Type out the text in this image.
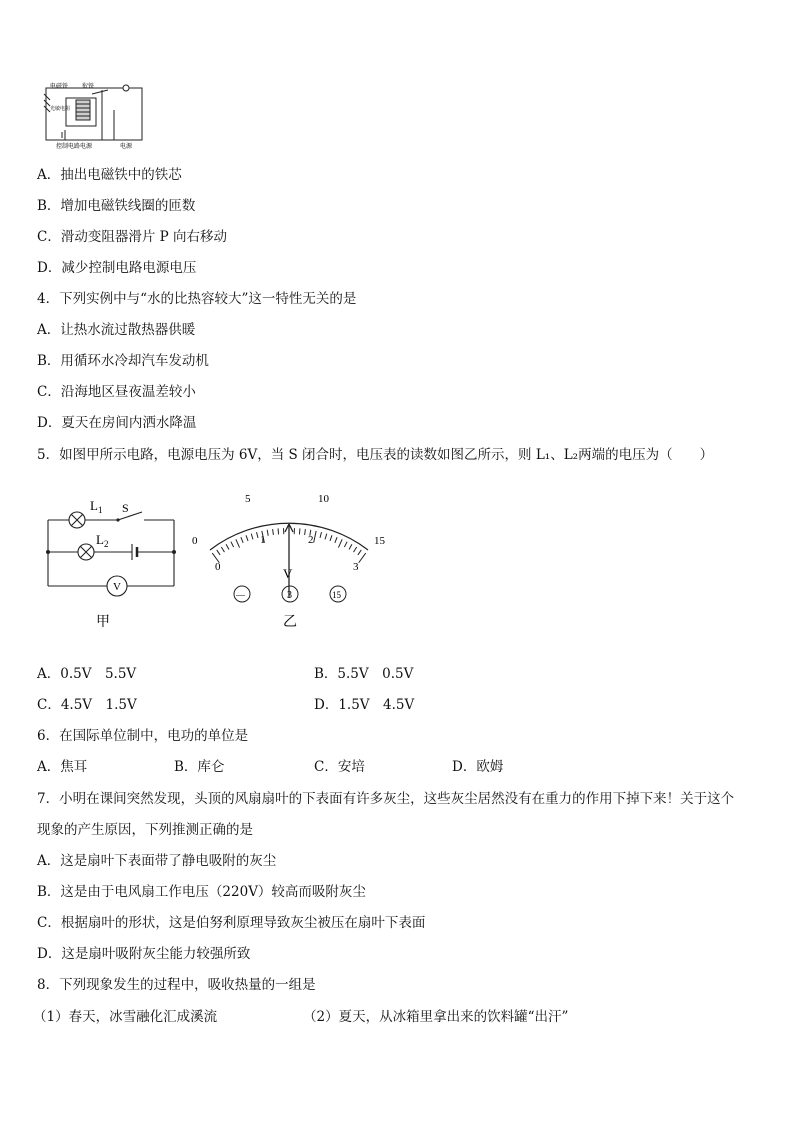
电磁铁 衔铁
光敏电阻
控制电路电源	电源
A．抽出电磁铁中的铁芯
B．增加电磁铁线圈的匝数
C．滑动变阻器滑片 P 向右移动
D．减少控制电路电源电压
4．下列实例中与“水的比热容较大”这一特性无关的是
A．让热水流过散热器供暖
B．用循环水冷却汽车发动机
C．沿海地区昼夜温差较小
D．夏天在房间内洒水降温
5．如图甲所示电路，电源电压为 6V，当 S 闭合时，电压表的读数如图乙所示，则 L₁、L₂两端的电压为（　　）
$L_1$ S
$L_2$
V
甲
0
5	10
15
0
1	2
3
V
—	3	15
乙
A．0.5V　5.5V	B．5.5V　0.5V
C．4.5V　1.5V	D．1.5V　4.5V
6．在国际单位制中，电功的单位是
A．焦耳	B．库仑	C．安培	D．欧姆
7．小明在课间突然发现，头顶的风扇扇叶的下表面有许多灰尘，这些灰尘居然没有在重力的作用下掉下来！关于这个
现象的产生原因，下列推测正确的是
A．这是扇叶下表面带了静电吸附的灰尘
B．这是由于电风扇工作电压（220V）较高而吸附灰尘
C．根据扇叶的形状，这是伯努利原理导致灰尘被压在扇叶下表面
D．这是扇叶吸附灰尘能力较强所致
8．下列现象发生的过程中，吸收热量的一组是
（1）春天，冰雪融化汇成溪流	（2）夏天，从冰箱里拿出来的饮料罐“出汗”
